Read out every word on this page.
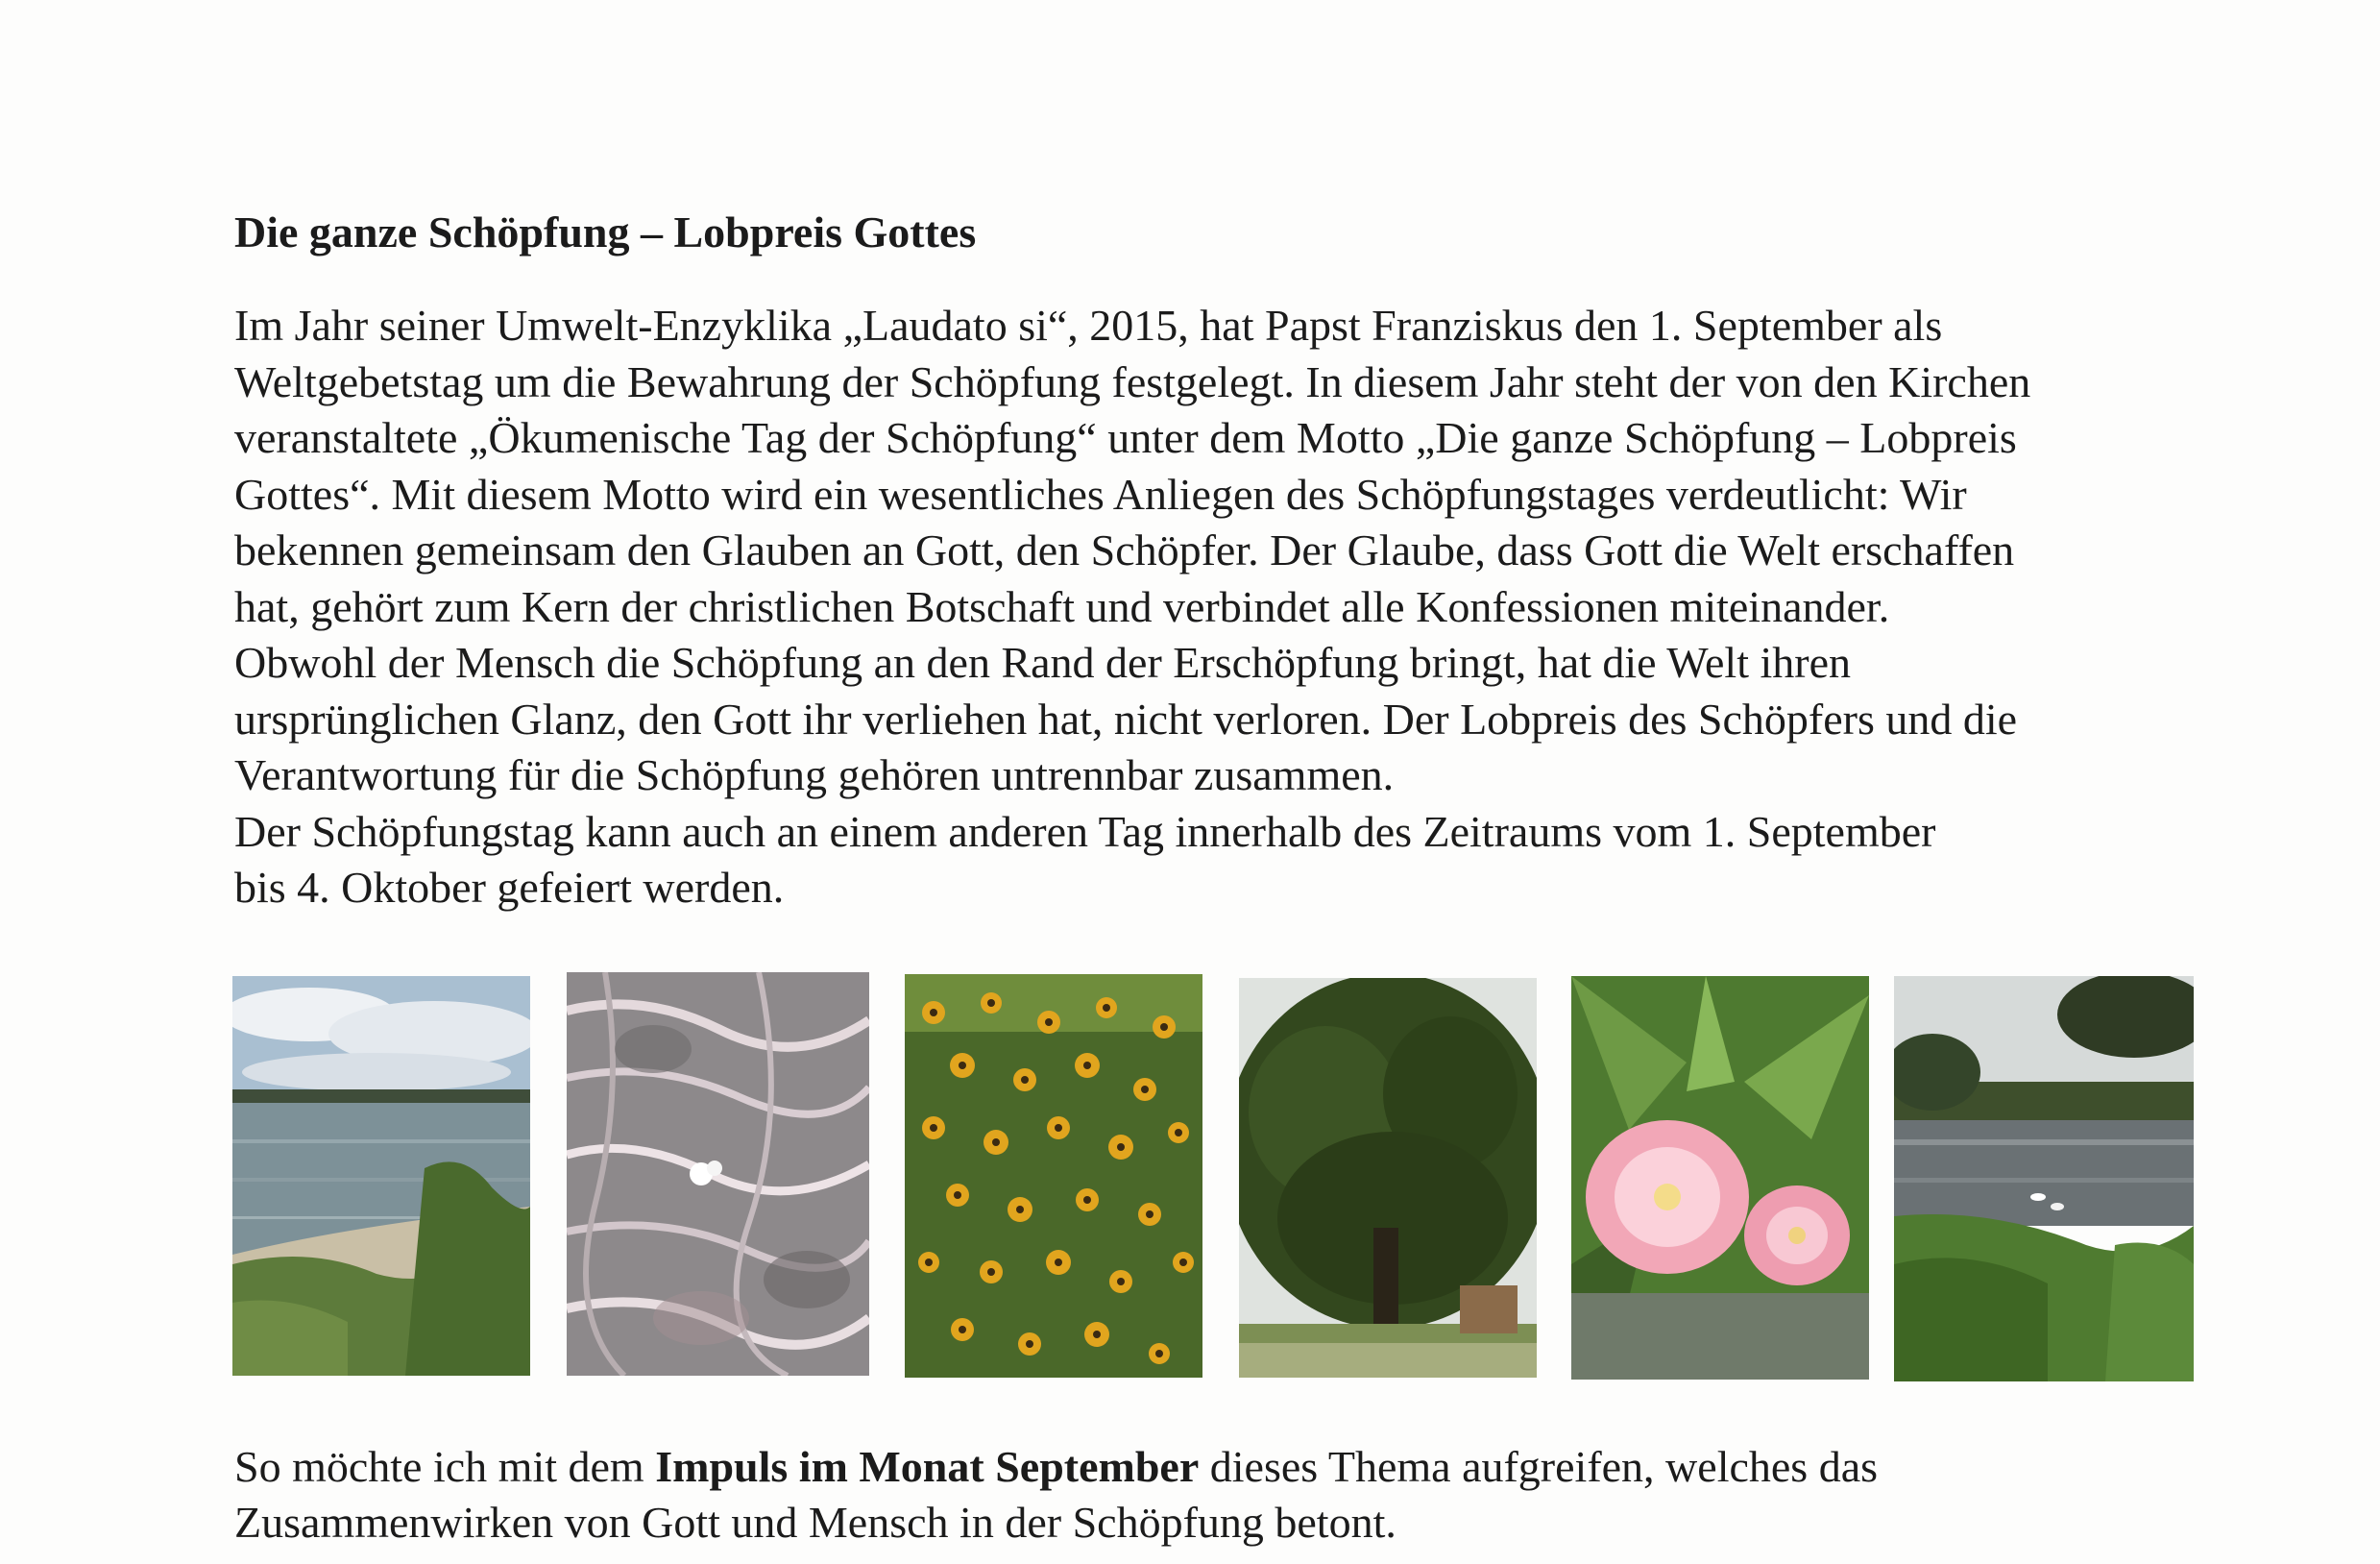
Die ganze Schöpfung – Lobpreis Gottes
Im Jahr seiner Umwelt-Enzyklika „Laudato si“, 2015, hat Papst Franziskus den 1. September als
Weltgebetstag um die Bewahrung der Schöpfung festgelegt. In diesem Jahr steht der von den Kirchen
veranstaltete „Ökumenische Tag der Schöpfung“ unter dem Motto „Die ganze Schöpfung – Lobpreis
Gottes“. Mit diesem Motto wird ein wesentliches Anliegen des Schöpfungstages verdeutlicht: Wir
bekennen gemeinsam den Glauben an Gott, den Schöpfer. Der Glaube, dass Gott die Welt erschaffen
hat, gehört zum Kern der christlichen Botschaft und verbindet alle Konfessionen miteinander.
Obwohl der Mensch die Schöpfung an den Rand der Erschöpfung bringt, hat die Welt ihren
ursprünglichen Glanz, den Gott ihr verliehen hat, nicht verloren. Der Lobpreis des Schöpfers und die
Verantwortung für die Schöpfung gehören untrennbar zusammen.
Der Schöpfungstag kann auch an einem anderen Tag innerhalb des Zeitraums vom 1. September
bis 4. Oktober gefeiert werden.
So möchte ich mit dem Impuls im Monat September dieses Thema aufgreifen, welches das
Zusammenwirken von Gott und Mensch in der Schöpfung betont.
